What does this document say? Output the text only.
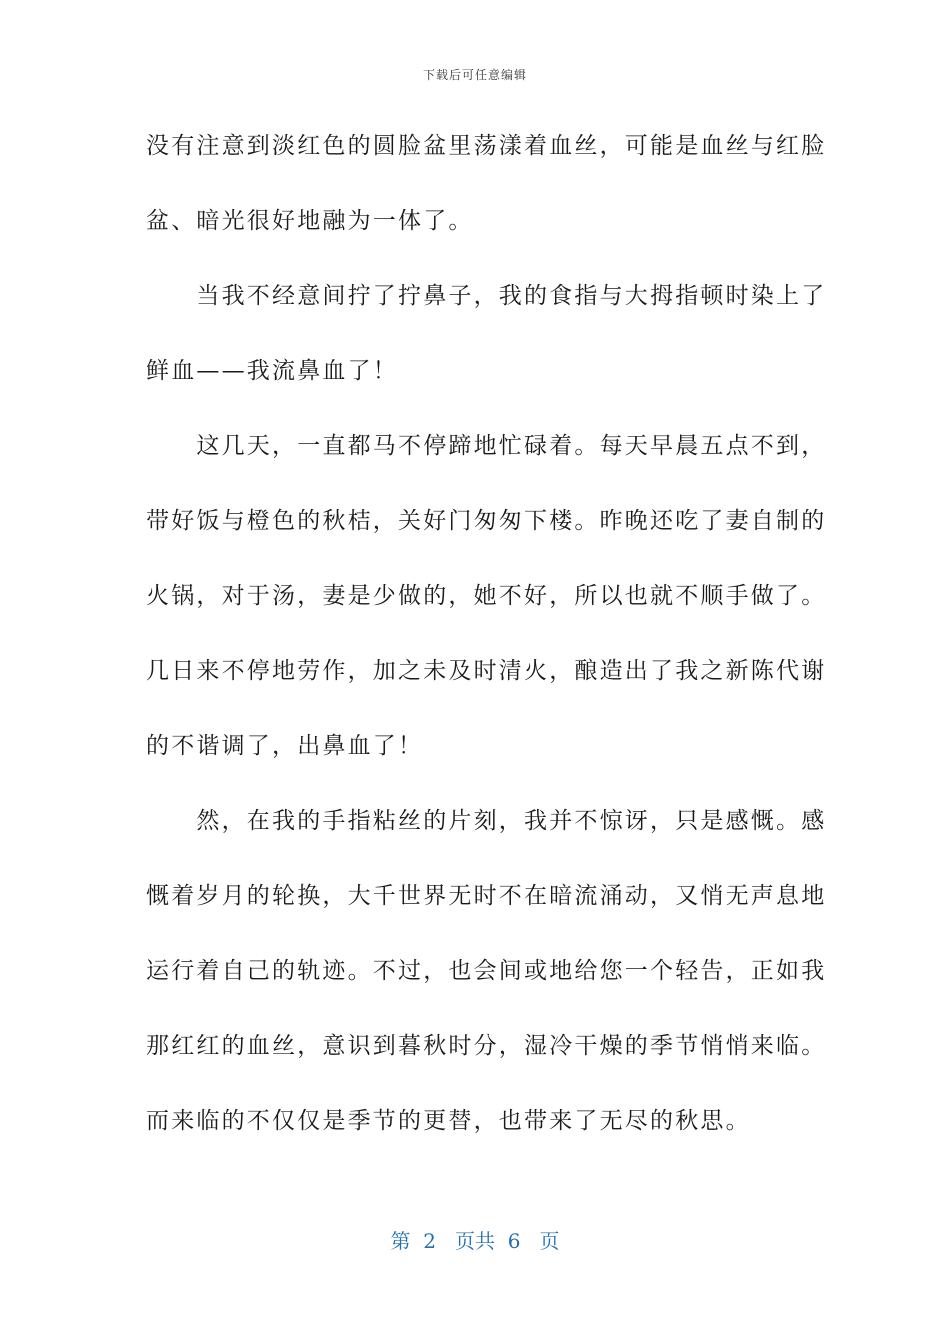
下载后可任意编辑
没有注意到淡红色的圆脸盆里荡漾着血丝，可能是血丝与红脸
盆、暗光很好地融为一体了。
　　当我不经意间拧了拧鼻子，我的食指与大拇指顿时染上了
鲜血——我流鼻血了！
　　这几天，一直都马不停蹄地忙碌着。每天早晨五点不到，
带好饭与橙色的秋桔，关好门匆匆下楼。昨晚还吃了妻自制的
火锅，对于汤，妻是少做的，她不好，所以也就不顺手做了。
几日来不停地劳作，加之未及时清火，酿造出了我之新陈代谢
的不谐调了，出鼻血了！
　　然，在我的手指粘丝的片刻，我并不惊讶，只是感慨。感
慨着岁月的轮换，大千世界无时不在暗流涌动，又悄无声息地
运行着自己的轨迹。不过，也会间或地给您一个轻告，正如我
那红红的血丝，意识到暮秋时分，湿冷干燥的季节悄悄来临。
而来临的不仅仅是季节的更替，也带来了无尽的秋思。
第 2 页共 6 页
